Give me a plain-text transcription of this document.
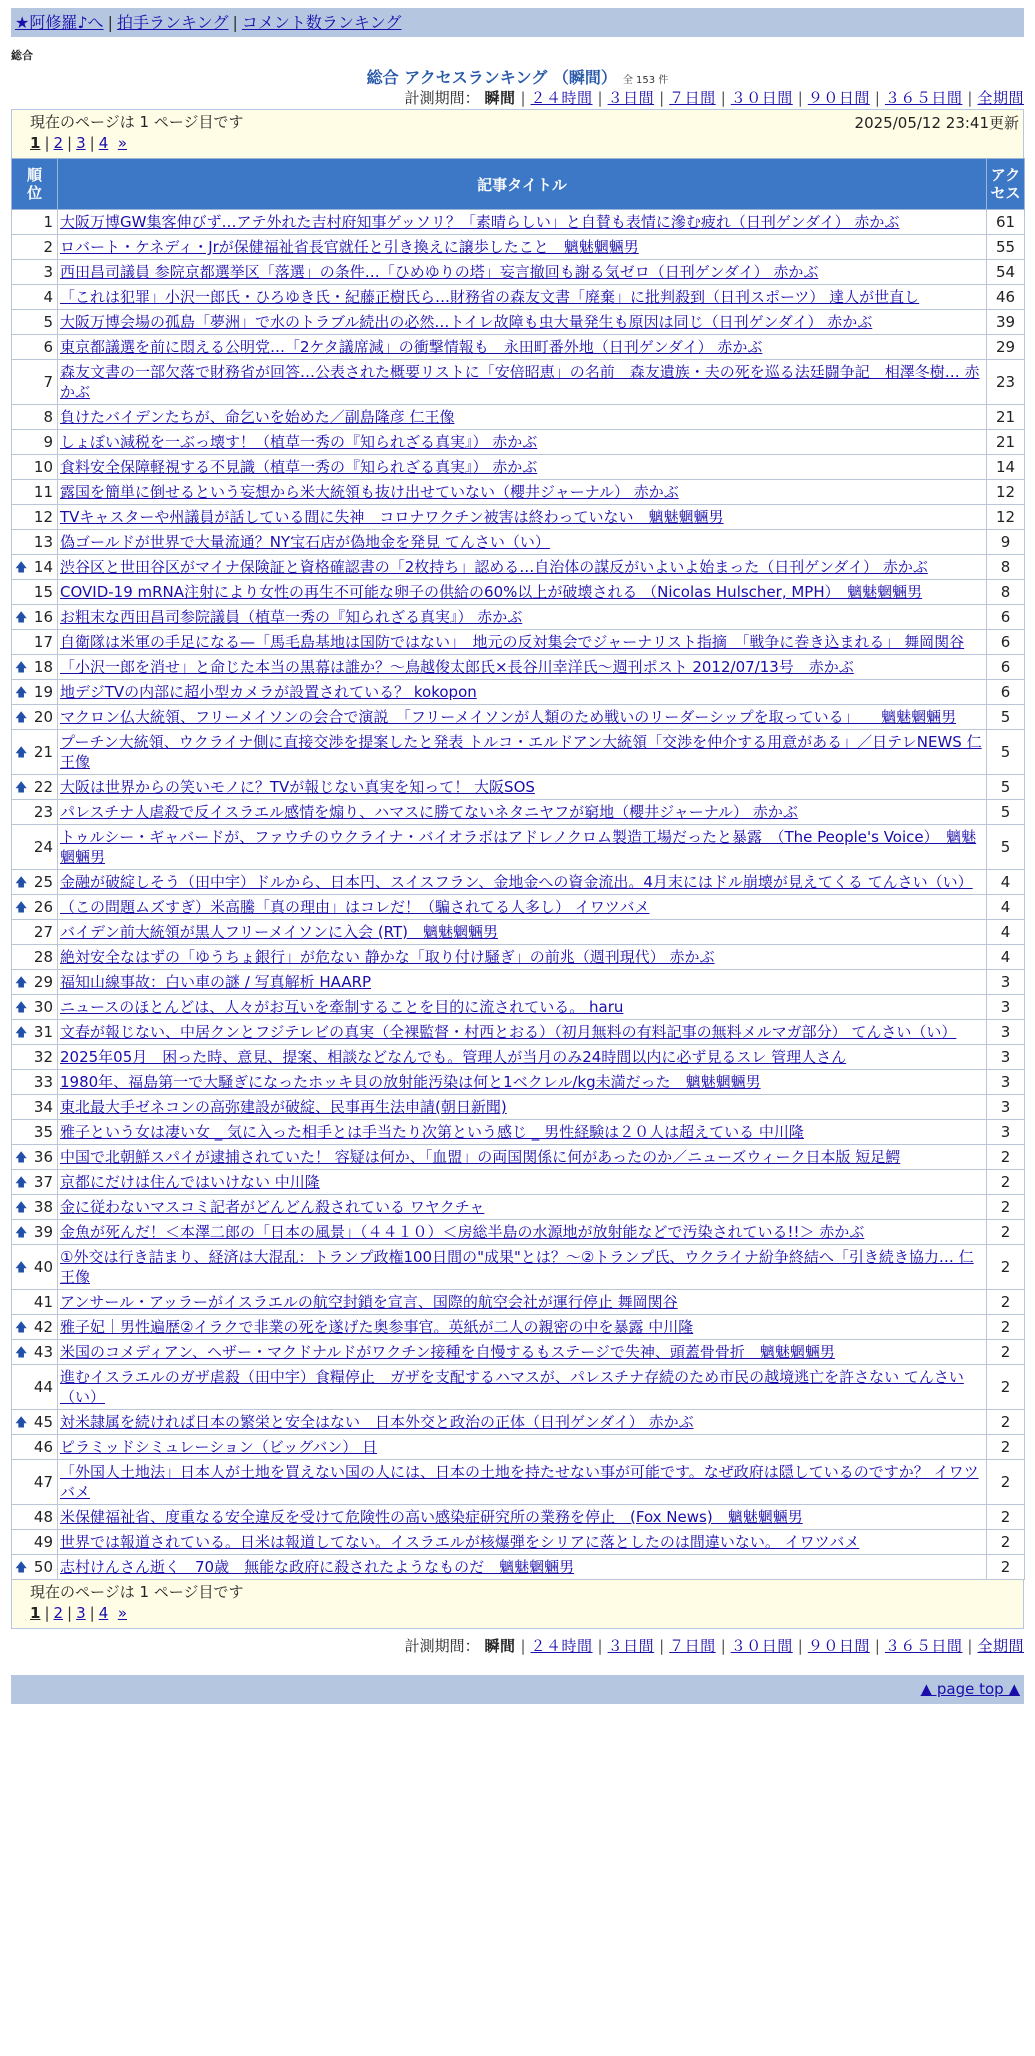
★阿修羅♪へ | 拍手ランキング | コメント数ランキング
総合
総合 アクセスランキング （瞬間） 全 153 件
計測期間： 瞬間 | ２４時間 | ３日間 | ７日間 | ３０日間 | ９０日間 | ３６５日間 | 全期間
現在のページは 1 ページ目です	2025/05/12 23:41更新
1 | 2 | 3 | 4 »
順位	記事タイトル	アクセス
1	大阪万博GW集客伸びず…アテ外れた吉村府知事ゲッソリ？「素晴らしい」と自賛も表情に滲む疲れ（日刊ゲンダイ） 赤かぶ	61
2	ロバート・ケネディ・Jrが保健福祉省長官就任と引き換えに譲歩したこと　魑魅魍魎男	55
3	西田昌司議員 参院京都選挙区「落選」の条件…「ひめゆりの塔」妄言撤回も謝る気ゼロ（日刊ゲンダイ） 赤かぶ	54
4	「これは犯罪」小沢一郎氏・ひろゆき氏・紀藤正樹氏ら…財務省の森友文書「廃棄」に批判殺到（日刊スポーツ） 達人が世直し	46
5	大阪万博会場の孤島「夢洲」で水のトラブル続出の必然…トイレ故障も虫大量発生も原因は同じ（日刊ゲンダイ） 赤かぶ	39
6	東京都議選を前に悶える公明党…「2ケタ議席減」の衝撃情報も　永田町番外地（日刊ゲンダイ） 赤かぶ	29
7	森友文書の一部欠落で財務省が回答…公表された概要リストに「安倍昭恵」の名前　森友遺族・夫の死を巡る法廷闘争記　相澤冬樹… 赤かぶ	23
8	負けたバイデンたちが、命乞いを始めた／副島隆彦 仁王像	21
9	しょぼい減税を一ぶっ壊す！（植草一秀の『知られざる真実』） 赤かぶ	21
10	食料安全保障軽視する不見識（植草一秀の『知られざる真実』） 赤かぶ	14
11	露国を簡単に倒せるという妄想から米大統領も抜け出せていない（櫻井ジャーナル） 赤かぶ	12
12	TVキャスターや州議員が話している間に失神　コロナワクチン被害は終わっていない　魑魅魍魎男	12
13	偽ゴールドが世界で大量流通？NY宝石店が偽地金を発見 てんさい（い）	9

🡅 14	渋谷区と世田谷区がマイナ保険証と資格確認書の「2枚持ち」認める…自治体の謀反がいよいよ始まった（日刊ゲンダイ） 赤かぶ	8
15	COVID-19 mRNA注射により女性の再生不可能な卵子の供給の60%以上が破壊される （Nicolas Hulscher, MPH）　魑魅魍魎男	8

🡅 16	お粗末な西田昌司参院議員（植草一秀の『知られざる真実』） 赤かぶ	6
17	自衛隊は米軍の手足になる—「馬毛島基地は国防ではない」　地元の反対集会でジャーナリスト指摘　「戦争に巻き込まれる」 舞岡関谷	6

🡅 18	「小沢一郎を消せ」と命じた本当の黒幕は誰か？～鳥越俊太郎氏×長谷川幸洋氏～週刊ポスト 2012/07/13号　赤かぶ	6

🡅 19	地デジTVの内部に超小型カメラが設置されている？ kokopon	6

🡅 20	マクロン仏大統領、フリーメイソンの会合で演説　「フリーメイソンが人類のため戦いのリーダーシップを取っている」　　魑魅魍魎男	5

🡅 21	プーチン大統領、ウクライナ側に直接交渉を提案したと発表 トルコ・エルドアン大統領「交渉を仲介する用意がある」／日テレNEWS 仁王像	5

🡅 22	大阪は世界からの笑いモノに？TVが報じない真実を知って！ 大阪SOS	5
23	パレスチナ人虐殺で反イスラエル感情を煽り、ハマスに勝てないネタニヤフが窮地（櫻井ジャーナル） 赤かぶ	5
24	トゥルシー・ギャバードが、ファウチのウクライナ・バイオラボはアドレノクロム製造工場だったと暴露　（The People's Voice）　魑魅魍魎男	5

🡅 25	金融が破綻しそう（田中宇）ドルから、日本円、スイスフラン、金地金への資金流出。4月末にはドル崩壊が見えてくる てんさい（い）	4

🡅 26	（この問題ムズすぎ）米高騰「真の理由」はコレだ！（騙されてる人多し） イワツバメ	4
27	バイデン前大統領が黒人フリーメイソンに入会 (RT)　魑魅魍魎男	4
28	絶対安全なはずの「ゆうちょ銀行」が危ない 静かな「取り付け騒ぎ」の前兆（週刊現代） 赤かぶ	4

🡅 29	福知山線事故：白い車の謎 / 写真解析 HAARP	3

🡅 30	ニュースのほとんどは、人々がお互いを牽制することを目的に流されている。 haru	3

🡅 31	文春が報じない、中居クンとフジテレビの真実（全裸監督・村西とおる）（初月無料の有料記事の無料メルマガ部分） てんさい（い）	3
32	2025年05月　困った時、意見、提案、相談などなんでも。管理人が当月のみ24時間以内に必ず見るスレ 管理人さん	3
33	1980年、福島第一で大騒ぎになったホッキ貝の放射能汚染は何と1ベクレル/kg未満だった　魑魅魍魎男	3
34	東北最大手ゼネコンの高弥建設が破綻、民事再生法申請(朝日新聞)	3
35	雅子という女は凄い女 _ 気に入った相手とは手当たり次第という感じ _ 男性経験は２０人は超えている 中川隆	3

🡅 36	中国で北朝鮮スパイが逮捕されていた！ 容疑は何か、「血盟」の両国関係に何があったのか／ニューズウィーク日本版 短足鰐	2

🡅 37	京都にだけは住んではいけない 中川隆	2

🡅 38	金に従わないマスコミ記者がどんどん殺されている ワヤクチャ	2

🡅 39	金魚が死んだ！＜本澤二郎の「日本の風景」（４４１０）＜房総半島の水源地が放射能などで汚染されている!!＞ 赤かぶ	2

🡅 40	①外交は行き詰まり、経済は大混乱：トランプ政権100日間の"成果"とは？～②トランプ氏、ウクライナ紛争終結へ「引き続き協力… 仁王像	2
41	アンサール・アッラーがイスラエルの航空封鎖を宣言、国際的航空会社が運行停止 舞岡関谷	2

🡅 42	雅子妃｜男性遍歴②イラクで非業の死を遂げた奥参事官。英紙が二人の親密の中を暴露 中川隆	2

🡅 43	米国のコメディアン、ヘザー・マクドナルドがワクチン接種を自慢するもステージで失神、頭蓋骨骨折　魑魅魍魎男	2
44	進むイスラエルのガザ虐殺（田中宇）食糧停止　ガザを支配するハマスが、パレスチナ存続のため市民の越境逃亡を許さない てんさい（い）	2

🡅 45	対米隷属を続ければ日本の繁栄と安全はない　日本外交と政治の正体（日刊ゲンダイ） 赤かぶ	2
46	ピラミッドシミュレーション（ビッグバン） 日	2
47	「外国人土地法」日本人が土地を買えない国の人には、日本の土地を持たせない事が可能です。なぜ政府は隠しているのですか？ イワツバメ	2
48	米保健福祉省、度重なる安全違反を受けて危険性の高い感染症研究所の業務を停止　(Fox News)　魑魅魍魎男	2
49	世界では報道されている。日米は報道してない。イスラエルが核爆弾をシリアに落としたのは間違いない。 イワツバメ	2

🡅 50	志村けんさん逝く　70歳　無能な政府に殺されたようなものだ　魑魅魍魎男	2
現在のページは 1 ページ目です
1 | 2 | 3 | 4 »
計測期間： 瞬間 | ２４時間 | ３日間 | ７日間 | ３０日間 | ９０日間 | ３６５日間 | 全期間
▲ page top ▲
